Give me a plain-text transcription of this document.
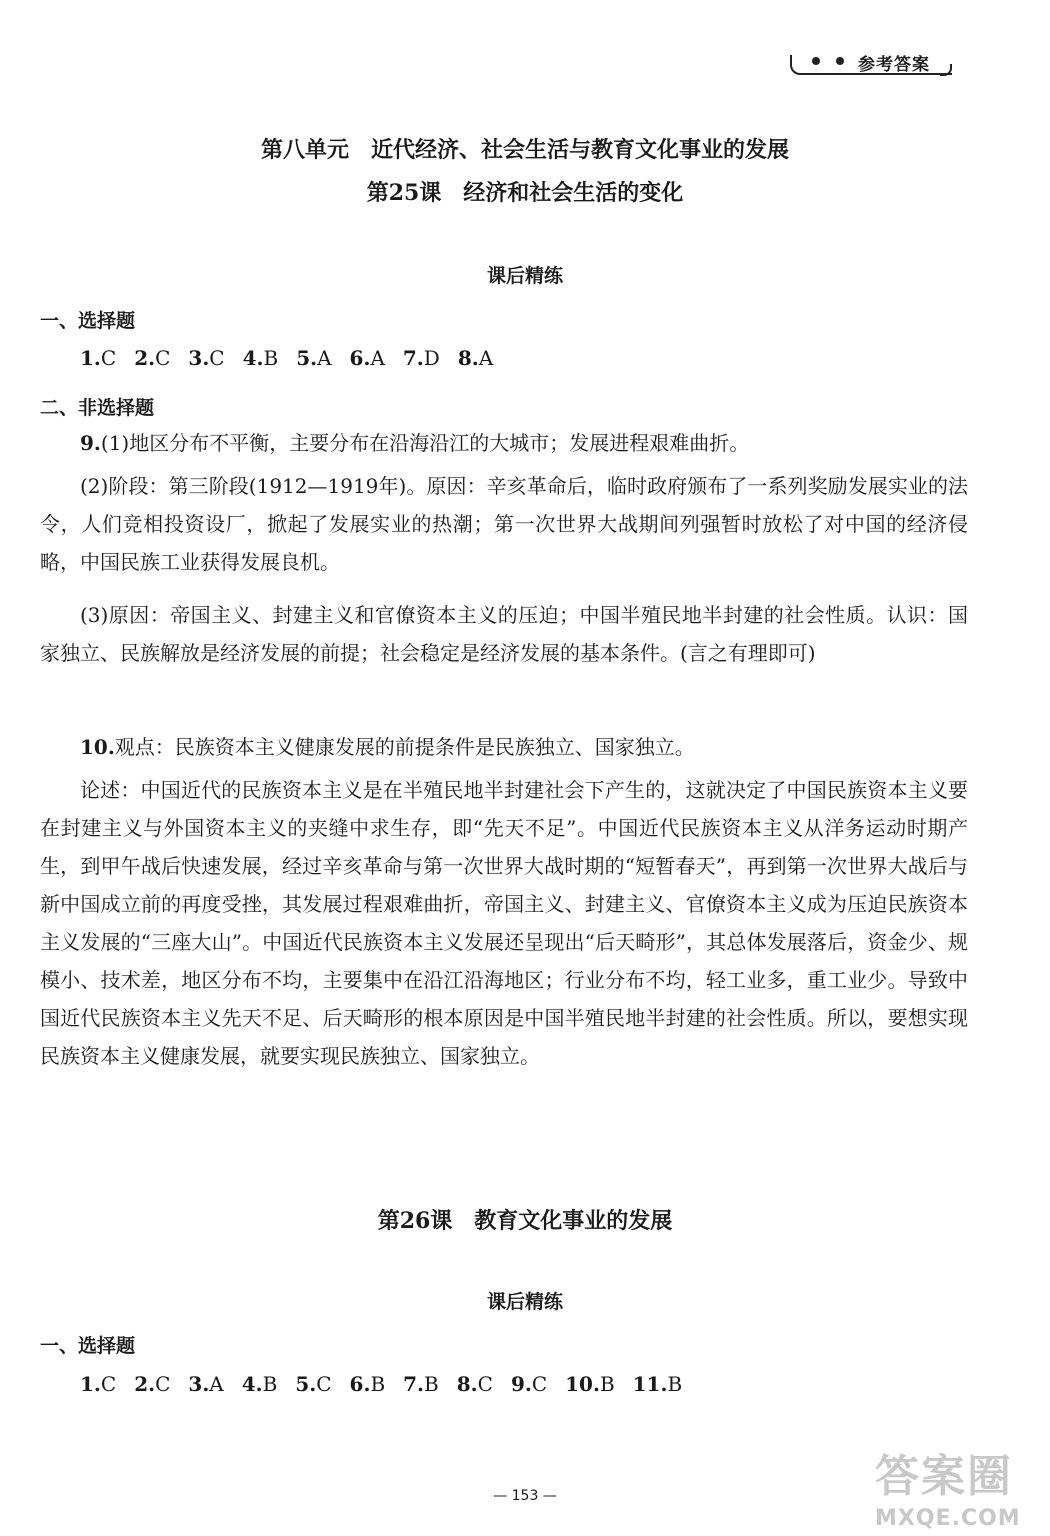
参考答案
第八单元　近代经济、社会生活与教育文化事业的发展
第25课　经济和社会生活的变化
课后精练
一、选择题
1.C 2.C 3.C 4.B 5.A 6.A 7.D 8.A
二、非选择题
9.(1)地区分布不平衡，主要分布在沿海沿江的大城市；发展进程艰难曲折。
(2)阶段：第三阶段(1912—1919年)。原因：辛亥革命后，临时政府颁布了一系列奖励发展实业的法令，人们竞相投资设厂，掀起了发展实业的热潮；第一次世界大战期间列强暂时放松了对中国的经济侵略，中国民族工业获得发展良机。
(3)原因：帝国主义、封建主义和官僚资本主义的压迫；中国半殖民地半封建的社会性质。认识：国家独立、民族解放是经济发展的前提；社会稳定是经济发展的基本条件。(言之有理即可)
10.观点：民族资本主义健康发展的前提条件是民族独立、国家独立。
论述：中国近代的民族资本主义是在半殖民地半封建社会下产生的，这就决定了中国民族资本主义要在封建主义与外国资本主义的夹缝中求生存，即“先天不足”。中国近代民族资本主义从洋务运动时期产生，到甲午战后快速发展，经过辛亥革命与第一次世界大战时期的“短暂春天”，再到第一次世界大战后与新中国成立前的再度受挫，其发展过程艰难曲折，帝国主义、封建主义、官僚资本主义成为压迫民族资本主义发展的“三座大山”。中国近代民族资本主义发展还呈现出“后天畸形”，其总体发展落后，资金少、规模小、技术差，地区分布不均，主要集中在沿江沿海地区；行业分布不均，轻工业多，重工业少。导致中国近代民族资本主义先天不足、后天畸形的根本原因是中国半殖民地半封建的社会性质。所以，要想实现民族资本主义健康发展，就要实现民族独立、国家独立。
第26课　教育文化事业的发展
课后精练
一、选择题
1.C 2.C 3.A 4.B 5.C 6.B 7.B 8.C 9.C 10.B 11.B
— 153 —	答案圈
MXQE.COM
